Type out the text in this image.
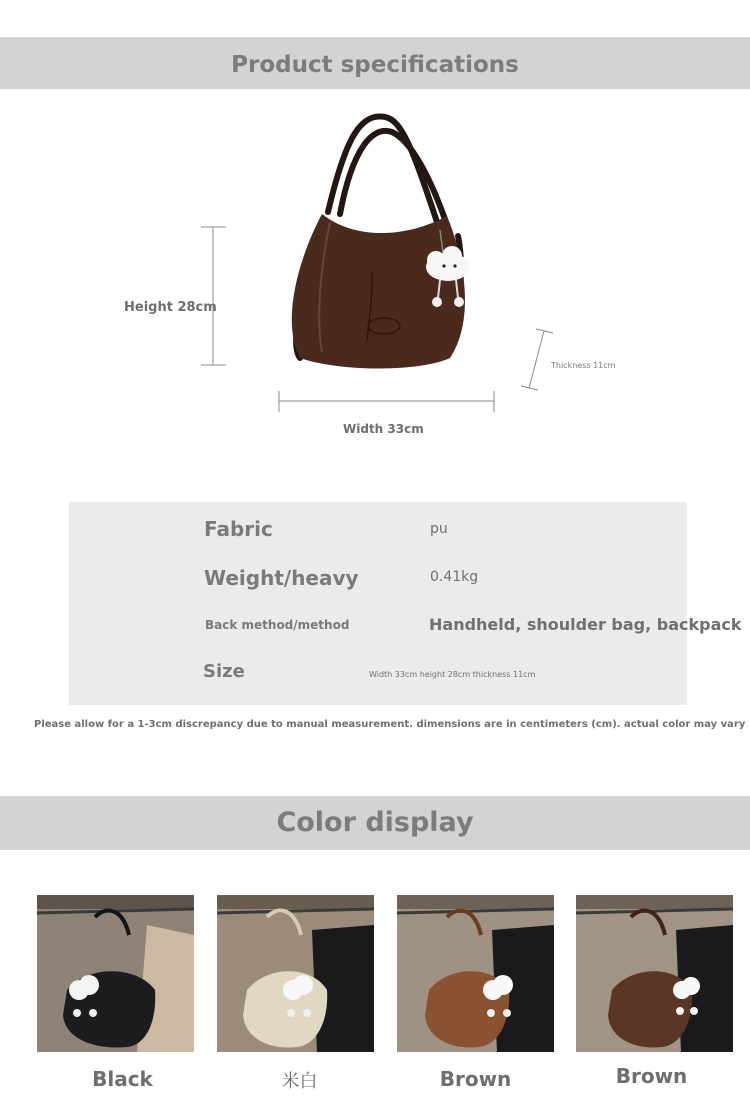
Product specifications
Height 28cm
Width 33cm
Thickness 11cm
Fabric	pu
Weight/heavy	0.41kg
Back method/method	Handheld, shoulder bag, backpack
Size	Width 33cm height 28cm thickness 11cm
Please allow for a 1-3cm discrepancy due to manual measurement. dimensions are in centimeters (cm). actual color may vary
Color display
Black	米白	Brown	Brown
